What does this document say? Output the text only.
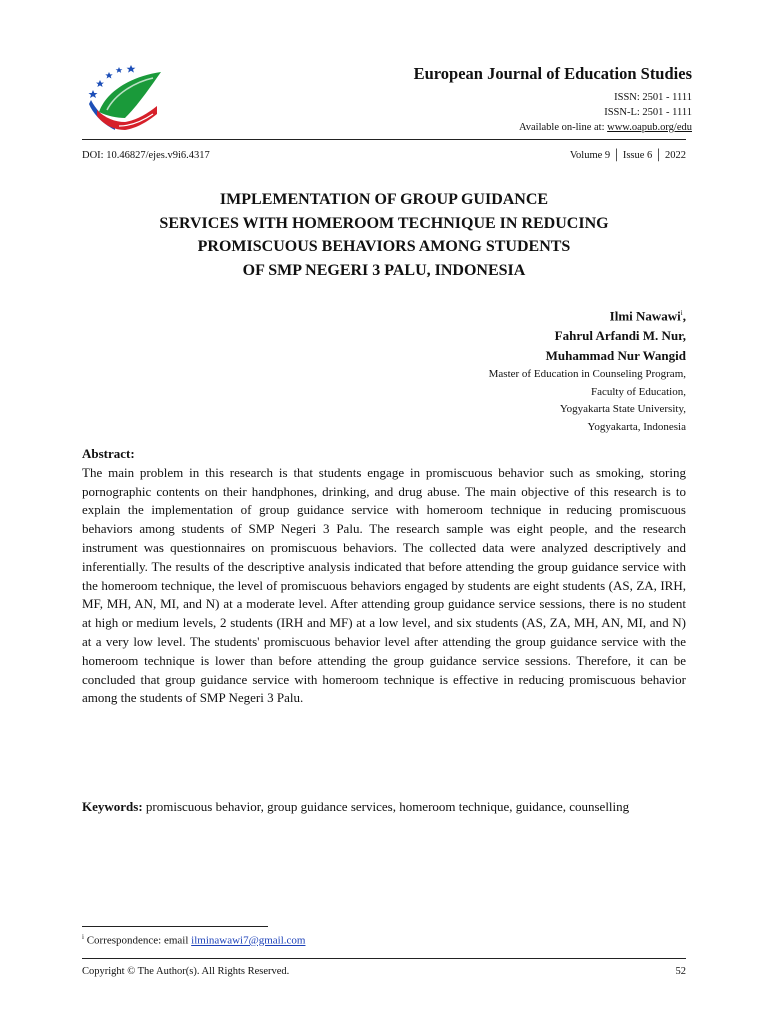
European Journal of Education Studies
ISSN: 2501 - 1111
ISSN-L: 2501 - 1111
Available on-line at: www.oapub.org/edu
DOI: 10.46827/ejes.v9i6.4317	Volume 9 │ Issue 6 │ 2022
IMPLEMENTATION OF GROUP GUIDANCE
SERVICES WITH HOMEROOM TECHNIQUE IN REDUCING
PROMISCUOUS BEHAVIORS AMONG STUDENTS
OF SMP NEGERI 3 PALU, INDONESIA
Ilmi Nawawi$^i$,
Fahrul Arfandi M. Nur,
Muhammad Nur Wangid
Master of Education in Counseling Program,
Faculty of Education,
Yogyakarta State University,
Yogyakarta, Indonesia
Abstract:
The main problem in this research is that students engage in promiscuous behavior such as smoking, storing pornographic contents on their handphones, drinking, and drug abuse. The main objective of this research is to explain the implementation of group guidance service with homeroom technique in reducing promiscuous behaviors among students of SMP Negeri 3 Palu. The research sample was eight people, and the research instrument was questionnaires on promiscuous behaviors. The collected data were analyzed descriptively and inferentially. The results of the descriptive analysis indicated that before attending the group guidance service with the homeroom technique, the level of promiscuous behaviors engaged by students are eight students (AS, ZA, IRH, MF, MH, AN, MI, and N) at a moderate level. After attending group guidance service sessions, there is no student at high or medium levels, 2 students (IRH and MF) at a low level, and six students (AS, ZA, MH, AN, MI, and N) at a very low level. The students' promiscuous behavior level after attending the group guidance service with the homeroom technique is lower than before attending the group guidance service sessions. Therefore, it can be concluded that group guidance service with homeroom technique is effective in reducing promiscuous behavior among the students of SMP Negeri 3 Palu.
Keywords: promiscuous behavior, group guidance services, homeroom technique, guidance, counselling
$^i$ Correspondence: email ilminawawi7@gmail.com
Copyright © The Author(s). All Rights Reserved.	52
